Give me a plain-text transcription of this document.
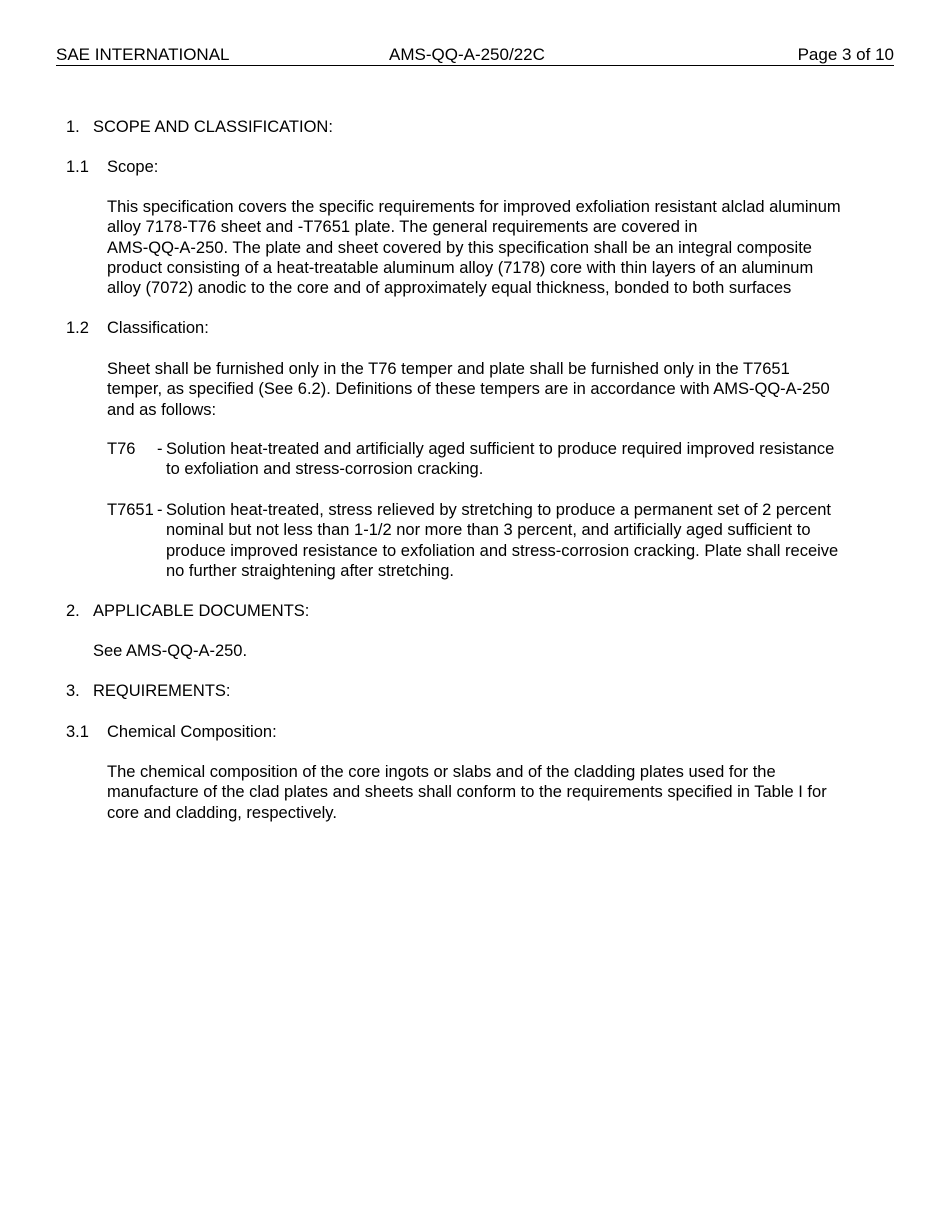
SAE INTERNATIONAL	AMS-QQ-A-250/22C	Page 3 of 10
1. SCOPE AND CLASSIFICATION:
1.1 Scope:
This specification covers the specific requirements for improved exfoliation resistant alclad aluminum
alloy 7178-T76 sheet and -T7651 plate. The general requirements are covered in
AMS-QQ-A-250. The plate and sheet covered by this specification shall be an integral composite
product consisting of a heat-treatable aluminum alloy (7178) core with thin layers of an aluminum
alloy (7072) anodic to the core and of approximately equal thickness, bonded to both surfaces
1.2 Classification:
Sheet shall be furnished only in the T76 temper and plate shall be furnished only in the T7651
temper, as specified (See 6.2). Definitions of these tempers are in accordance with AMS-QQ-A-250
and as follows:
T76 - Solution heat-treated and artificially aged sufficient to produce required improved resistance
to exfoliation and stress-corrosion cracking.
T7651 - Solution heat-treated, stress relieved by stretching to produce a permanent set of 2 percent
nominal but not less than 1-1/2 nor more than 3 percent, and artificially aged sufficient to
produce improved resistance to exfoliation and stress-corrosion cracking. Plate shall receive
no further straightening after stretching.
2. APPLICABLE DOCUMENTS:
See AMS-QQ-A-250.
3. REQUIREMENTS:
3.1 Chemical Composition:
The chemical composition of the core ingots or slabs and of the cladding plates used for the
manufacture of the clad plates and sheets shall conform to the requirements specified in Table I for
core and cladding, respectively.
